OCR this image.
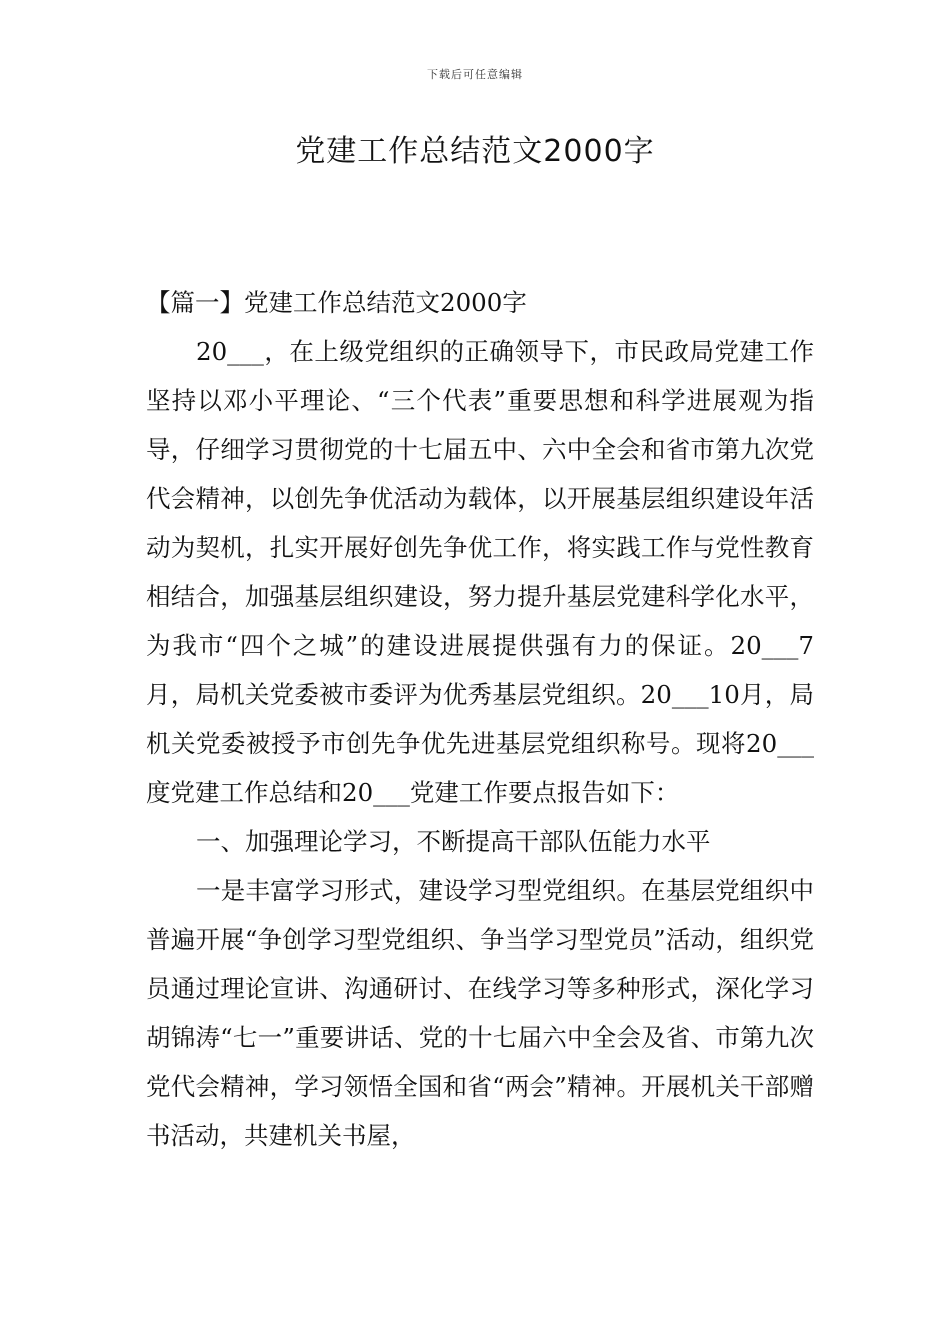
下载后可任意编辑
党建工作总结范文2000字

【篇一】党建工作总结范文2000字

20___，在上级党组织的正确领导下，市民政局党建工作坚持以邓小平理论、“三个代表”重要思想和科学进展观为指导，仔细学习贯彻党的十七届五中、六中全会和省市第九次党代会精神，以创先争优活动为载体，以开展基层组织建设年活动为契机，扎实开展好创先争优工作，将实践工作与党性教育相结合，加强基层组织建设，努力提升基层党建科学化水平，为我市“四个之城”的建设进展提供强有力的保证。20___7月，局机关党委被市委评为优秀基层党组织。20___10月，局机关党委被授予市创先争优先进基层党组织称号。现将20___度党建工作总结和20___党建工作要点报告如下：

一、加强理论学习，不断提高干部队伍能力水平

一是丰富学习形式，建设学习型党组织。在基层党组织中普遍开展“争创学习型党组织、争当学习型党员”活动，组织党员通过理论宣讲、沟通研讨、在线学习等多种形式，深化学习胡锦涛“七一”重要讲话、党的十七届六中全会及省、市第九次党代会精神，学习领悟全国和省“两会”精神。开展机关干部赠书活动，共建机关书屋，
